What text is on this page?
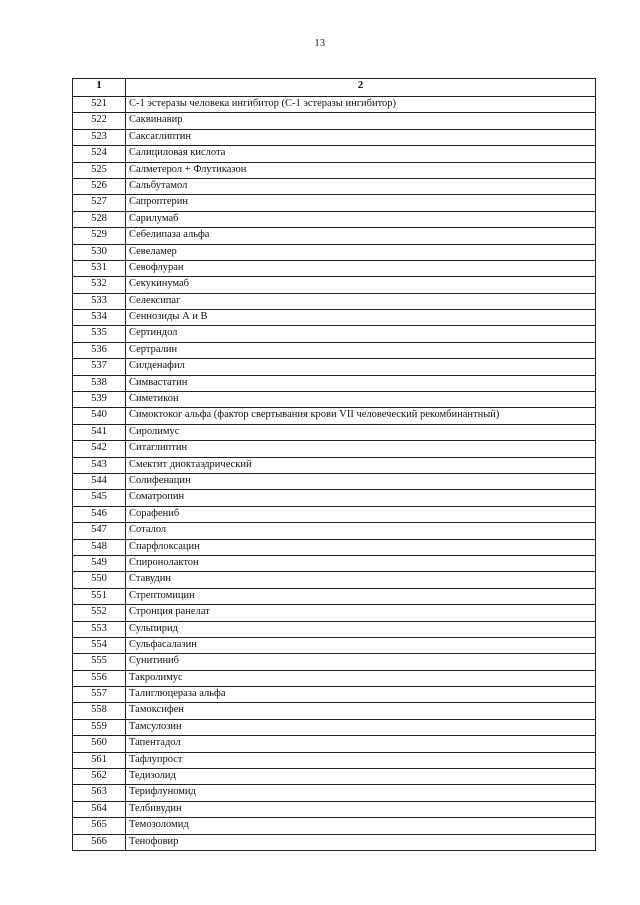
13
1	2
521	С-1 эстеразы человека ингибитор (С-1 эстеразы ингибитор)
522	Саквинавир
523	Саксаглиптин
524	Салициловая кислота
525	Салметерол + Флутиказон
526	Сальбутамол
527	Сапроптерин
528	Сарилумаб
529	Себелипаза альфа
530	Севеламер
531	Севофлуран
532	Секукинумаб
533	Селексипаг
534	Сеннозиды А и В
535	Сертиндол
536	Сертралин
537	Силденафил
538	Симвастатин
539	Симетикон
540	Симоктоког альфа (фактор свертывания крови VII человеческий рекомбинантный)
541	Сиролимус
542	Ситаглиптин
543	Смектит диоктаэдрический
544	Солифенацин
545	Соматропин
546	Сорафениб
547	Соталол
548	Спарфлоксацин
549	Спиронолактон
550	Ставудин
551	Стрептомицин
552	Стронция ранелат
553	Сульпирид
554	Сульфасалазин
555	Сунитиниб
556	Такролимус
557	Талиглюцераза альфа
558	Тамоксифен
559	Тамсулозин
560	Тапентадол
561	Тафлупрост
562	Тедизолид
563	Терифлуномид
564	Телбивудин
565	Темозоломид
566	Тенофовир
